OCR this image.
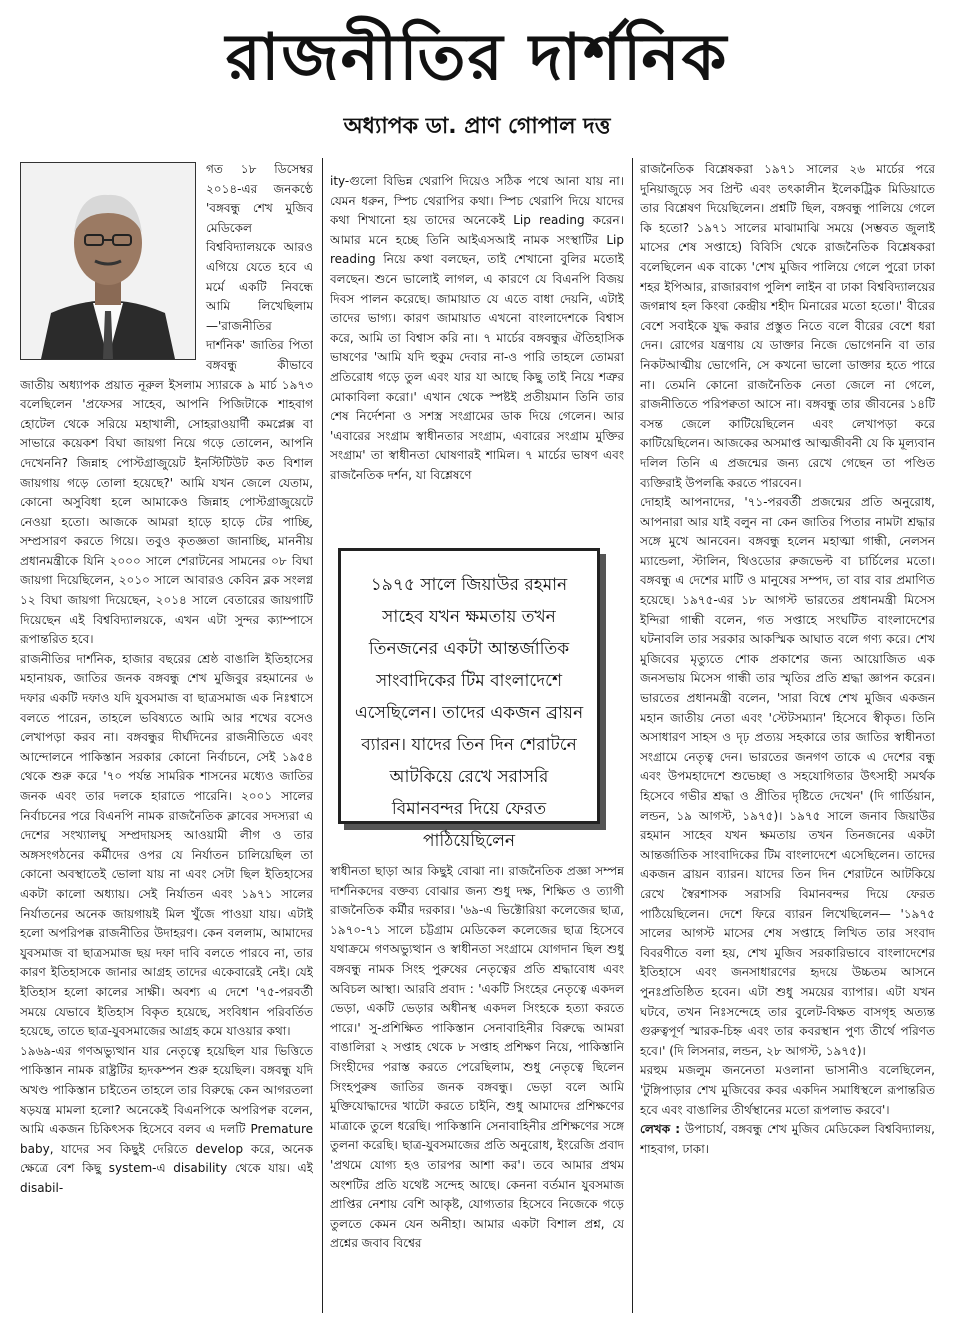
রাজনীতির দার্শনিক
অধ্যাপক ডা. প্রাণ গোপাল দত্ত

গত ১৮ ডিসেম্বর ২০১৪-এর জনকণ্ঠে 'বঙ্গবন্ধু শেখ মুজিব মেডিকেল বিশ্ববিদ্যালয়কে আরও এগিয়ে যেতে হবে এ মর্মে একটি নিবন্ধে আমি লিখেছিলাম—'রাজনীতির দার্শনিক' জাতির পিতা বঙ্গবন্ধু কীভাবে জাতীয় অধ্যাপক প্রয়াত নূরুল ইসলাম স্যারকে ৯ মার্চ ১৯৭৩ বলেছিলেন 'প্রফেসর সাহেব, আপনি পিজিটাকে শাহবাগ হোটেল থেকে সরিয়ে মহাখালী, সোহরাওয়ার্দী কমপ্লেক্স বা সাভারে কয়েকশ বিঘা জায়গা নিয়ে গড়ে তোলেন, আপনি দেখেননি? জিন্নাহ পোস্টগ্রাজুয়েট ইনস্টিটিউট কত বিশাল জায়গায় গড়ে তোলা হয়েছে?' আমি যখন জেলে যেতাম, কোনো অসুবিধা হলে আমাকেও জিন্নাহ পোস্টগ্রাজুয়েটে নেওয়া হতো। আজকে আমরা হাড়ে হাড়ে টের পাচ্ছি, সম্প্রসারণ করতে গিয়ে। তবুও কৃতজ্ঞতা জানাচ্ছি, মাননীয় প্রধানমন্ত্রীকে যিনি ২০০০ সালে শেরাটনের সামনের ০৮ বিঘা জায়গা দিয়েছিলেন, ২০১০ সালে আবারও কেবিন ব্লক সংলগ্ন ১২ বিঘা জায়গা দিয়েছেন, ২০১৪ সালে বেতারের জায়গাটি দিয়েছেন এই বিশ্ববিদ্যালয়কে, এখন এটা সুন্দর ক্যাম্পাসে রূপান্তরিত হবে।

রাজনীতির দার্শনিক, হাজার বছরের শ্রেষ্ঠ বাঙালি ইতিহাসের মহানায়ক, জাতির জনক বঙ্গবন্ধু শেখ মুজিবুর রহমানের ৬ দফার একটি দফাও যদি যুবসমাজ বা ছাত্রসমাজ এক নিঃশ্বাসে বলতে পারেন, তাহলে ভবিষ্যতে আমি আর শখের বসেও লেখাপড়া করব না। বঙ্গবন্ধুর দীর্ঘদিনের রাজনীতিতে এবং আন্দোলনে পাকিস্তান সরকার কোনো নির্বাচনে, সেই ১৯৫৪ থেকে শুরু করে '৭০ পর্যন্ত সামরিক শাসনের মধ্যেও জাতির জনক এবং তার দলকে হারাতে পারেনি। ২০০১ সালের নির্বাচনের পরে বিএনপি নামক রাজনৈতিক ক্লাবের সদস্যরা এ দেশের সংখ্যালঘু সম্প্রদায়সহ আওয়ামী লীগ ও তার অঙ্গসংগঠনের কর্মীদের ওপর যে নির্যাতন চালিয়েছিল তা কোনো অবস্থাতেই ভোলা যায় না এবং সেটা ছিল ইতিহাসের একটা কালো অধ্যায়। সেই নির্যাতন এবং ১৯৭১ সালের নির্যাতনের অনেক জায়গায়ই মিল খুঁজে পাওয়া যায়। এটাই হলো অপরিপক্ক রাজনীতির উদাহরণ। কেন বললাম, আমাদের যুবসমাজ বা ছাত্রসমাজ ছয় দফা দাবি বলতে পারবে না, তার কারণ ইতিহাসকে জানার আগ্রহ তাদের একেবারেই নেই। যেই ইতিহাস হলো কালের সাক্ষী। অবশ্য এ দেশে '৭৫-পরবর্তী সময়ে যেভাবে ইতিহাস বিকৃত হয়েছে, সংবিধান পরিবর্তিত হয়েছে, তাতে ছাত্র-যুবসমাজের আগ্রহ কমে যাওয়ার কথা।

১৯৬৯-এর গণঅভ্যুত্থান যার নেতৃত্বে হয়েছিল যার ভিত্তিতে পাকিস্তান নামক রাষ্ট্রটির হৃদকম্পন শুরু হয়েছিল। বঙ্গবন্ধু যদি অখণ্ড পাকিস্তান চাইতেন তাহলে তার বিরুদ্ধে কেন আগরতলা ষড়যন্ত্র মামলা হলো? অনেকেই বিএনপিকে অপরিপক্ব বলেন, আমি একজন চিকিৎসক হিসেবে বলব এ দলটি Premature baby, যাদের সব কিছুই দেরিতে develop করে, অনেক ক্ষেত্রে বেশ কিছু system-এ disability থেকে যায়। এই disabil-

ity-গুলো বিভিন্ন থেরাপি দিয়েও সঠিক পথে আনা যায় না। যেমন ধরুন, স্পিচ থেরাপির কথা। স্পিচ থেরাপি দিয়ে যাদের কথা শিখানো হয় তাদের অনেকেই Lip reading করেন। আমার মনে হচ্ছে তিনি আইএসআই নামক সংস্থাটির Lip reading নিয়ে কথা বলছেন, তাই শেখানো বুলির মতোই বলছেন। শুনে ভালোই লাগল, এ কারণে যে বিএনপি বিজয় দিবস পালন করেছে। জামায়াত যে এতে বাধা দেয়নি, এটাই তাদের ভাগ্য। কারণ জামায়াত এখনো বাংলাদেশকে বিশ্বাস করে, আমি তা বিশ্বাস করি না। ৭ মার্চের বঙ্গবন্ধুর ঐতিহাসিক ভাষণের 'আমি যদি হুকুম দেবার না-ও পারি তাহলে তোমরা প্রতিরোধ গড়ে তুল এবং যার যা আছে কিছু তাই নিয়ে শত্রুর মোকাবিলা করো।' এখান থেকে স্পষ্টই প্রতীয়মান তিনি তার শেষ নির্দেশনা ও সশস্ত্র সংগ্রামের ডাক দিয়ে গেলেন। আর 'এবারের সংগ্রাম স্বাধীনতার সংগ্রাম, এবারের সংগ্রাম মুক্তির সংগ্রাম' তা স্বাধীনতা ঘোষণারই শামিল। ৭ মার্চের ভাষণ এবং রাজনৈতিক দর্শন, যা বিশ্লেষণে

১৯৭৫ সালে জিয়াউর রহমান সাহেব যখন ক্ষমতায় তখন তিনজনের একটা আন্তর্জাতিক সাংবাদিকের টিম বাংলাদেশে এসেছিলেন। তাদের একজন ব্রায়ন ব্যারন। যাদের তিন দিন শেরাটনে আটকিয়ে রেখে সরাসরি বিমানবন্দর দিয়ে ফেরত পাঠিয়েছিলেন

স্বাধীনতা ছাড়া আর কিছুই বোঝা না। রাজনৈতিক প্রজ্ঞা সম্পন্ন দার্শনিকদের বক্তব্য বোঝার জন্য শুধু দক্ষ, শিক্ষিত ও ত্যাগী রাজনৈতিক কর্মীর দরকার। '৬৯-এ ভিক্টোরিয়া কলেজের ছাত্র, ১৯৭০-৭১ সালে চট্টগ্রাম মেডিকেল কলেজের ছাত্র হিসেবে যথাক্রমে গণঅভ্যুত্থান ও স্বাধীনতা সংগ্রামে যোগদান ছিল শুধু বঙ্গবন্ধু নামক সিংহ পুরুষের নেতৃত্বের প্রতি শ্রদ্ধাবোধ এবং অবিচল আস্থা। আরবি প্রবাদ : 'একটি সিংহের নেতৃত্বে একদল ভেড়া, একটি ভেড়ার অধীনস্থ একদল সিংহকে হত্যা করতে পারে।' সু-প্রশিক্ষিত পাকিস্তান সেনাবাহিনীর বিরুদ্ধে আমরা বাঙালিরা ২ সপ্তাহ থেকে ৮ সপ্তাহ প্রশিক্ষণ নিয়ে, পাকিস্তানি সিংহীদের পরাস্ত করতে পেরেছিলাম, শুধু নেতৃত্বে ছিলেন সিংহপুরুষ জাতির জনক বঙ্গবন্ধু। ভেড়া বলে আমি মুক্তিযোদ্ধাদের খাটো করতে চাইনি, শুধু আমাদের প্রশিক্ষণের মাত্রাকে তুলে ধরেছি। পাকিস্তানি সেনাবাহিনীর প্রশিক্ষণের সঙ্গে তুলনা করেছি। ছাত্র-যুবসমাজের প্রতি অনুরোধ, ইংরেজি প্রবাদ 'প্রথমে যোগ্য হও তারপর আশা কর'। তবে আমার প্রথম অংশটির প্রতি যথেষ্ট সন্দেহ আছে। কেননা বর্তমান যুবসমাজ প্রাপ্তির নেশায় বেশি আকৃষ্ট, যোগ্যতার হিসেবে নিজেকে গড়ে তুলতে কেমন যেন অনীহা। আমার একটা বিশাল প্রশ্ন, যে প্রশ্নের জবাব বিশ্বের

রাজনৈতিক বিশ্লেষকরা ১৯৭১ সালের ২৬ মার্চের পরে দুনিয়াজুড়ে সব প্রিন্ট এবং তৎকালীন ইলেকট্রিক মিডিয়াতে তার বিশ্লেষণ দিয়েছিলেন। প্রশ্নটি ছিল, বঙ্গবন্ধু পালিয়ে গেলে কি হতো? ১৯৭১ সালের মাঝামাঝি সময়ে (সম্ভবত জুলাই মাসের শেষ সপ্তাহে) বিবিসি থেকে রাজনৈতিক বিশ্লেষকরা বলেছিলেন এক বাক্যে 'শেখ মুজিব পালিয়ে গেলে পুরো ঢাকা শহর ইপিআর, রাজারবাগ পুলিশ লাইন বা ঢাকা বিশ্ববিদ্যালয়ের জগন্নাথ হল কিংবা কেন্দ্রীয় শহীদ মিনারের মতো হতো।' বীরের বেশে সবাইকে যুদ্ধ করার প্রস্তুত নিতে বলে বীরের বেশে ধরা দেন। রোগের যন্ত্রণায় যে ডাক্তার নিজে ভোগেননি বা তার নিকটআত্মীয় ভোগেনি, সে কখনো ভালো ডাক্তার হতে পারে না। তেমনি কোনো রাজনৈতিক নেতা জেলে না গেলে, রাজনীতিতে পরিপক্বতা আসে না। বঙ্গবন্ধু তার জীবনের ১৪টি বসন্ত জেলে কাটিয়েছিলেন এবং লেখাপড়া করে কাটিয়েছিলেন। আজকের অসমাপ্ত আত্মজীবনী যে কি মূল্যবান দলিল তিনি এ প্রজন্মের জন্য রেখে গেছেন তা পণ্ডিত ব্যক্তিরাই উপলব্ধি করতে পারবেন।

দোহাই আপনাদের, '৭১-পরবর্তী প্রজন্মের প্রতি অনুরোধ, আপনারা আর যাই বলুন না কেন জাতির পিতার নামটা শ্রদ্ধার সঙ্গে মুখে আনবেন। বঙ্গবন্ধু হলেন মহাত্মা গান্ধী, নেলসন ম্যান্ডেলা, স্টালিন, থিওডোর রুজভেল্ট বা চার্চিলের মতো। বঙ্গবন্ধু এ দেশের মাটি ও মানুষের সম্পদ, তা বার বার প্রমাণিত হয়েছে। ১৯৭৫-এর ১৮ আগস্ট ভারতের প্রধানমন্ত্রী মিসেস ইন্দিরা গান্ধী বলেন, গত সপ্তাহে সংঘটিত বাংলাদেশের ঘটনাবলি তার সরকার আকস্মিক আঘাত বলে গণ্য করে। শেখ মুজিবের মৃত্যুতে শোক প্রকাশের জন্য আয়োজিত এক জনসভায় মিসেস গান্ধী তার স্মৃতির প্রতি শ্রদ্ধা জ্ঞাপন করেন। ভারতের প্রধানমন্ত্রী বলেন, 'সারা বিশ্বে শেখ মুজিব একজন মহান জাতীয় নেতা এবং 'স্টেটসম্যান' হিসেবে স্বীকৃত। তিনি অসাধারণ সাহস ও দৃঢ় প্রত্যয় সহকারে তার জাতির স্বাধীনতা সংগ্রামে নেতৃত্ব দেন। ভারতের জনগণ তাকে এ দেশের বন্ধু এবং উপমহাদেশে শুভেচ্ছা ও সহযোগিতার উৎসাহী সমর্থক হিসেবে গভীর শ্রদ্ধা ও প্রীতির দৃষ্টিতে দেখেন' (দি গার্ডিয়ান, লন্ডন, ১৯ আগস্ট, ১৯৭৫)। ১৯৭৫ সালে জনাব জিয়াউর রহমান সাহেব যখন ক্ষমতায় তখন তিনজনের একটা আন্তর্জাতিক সাংবাদিকের টিম বাংলাদেশে এসেছিলেন। তাদের একজন ব্রায়ন ব্যারন। যাদের তিন দিন শেরাটনে আটকিয়ে রেখে স্বৈরশাসক সরাসরি বিমানবন্দর দিয়ে ফেরত পাঠিয়েছিলেন। দেশে ফিরে ব্যারন লিখেছিলেন— '১৯৭৫ সালের আগস্ট মাসের শেষ সপ্তাহে লিখিত তার সংবাদ বিবরণীতে বলা হয়, শেখ মুজিব সরকারিভাবে বাংলাদেশের ইতিহাসে এবং জনসাধারণের হৃদয়ে উচ্চতম আসনে পুনঃপ্রতিষ্ঠিত হবেন। এটা শুধু সময়ের ব্যাপার। এটা যখন ঘটবে, তখন নিঃসন্দেহে তার বুলেট-বিক্ষত বাসগৃহ অত্যন্ত গুরুত্বপূর্ণ স্মারক-চিহ্ন এবং তার কবরস্থান পুণ্য তীর্থে পরিণত হবে।' (দি লিসনার, লন্ডন, ২৮ আগস্ট, ১৯৭৫)।

মরহুম মজলুম জননেতা মওলানা ভাসানীও বলেছিলেন, 'টুঙ্গিপাড়ার শেখ মুজিবের কবর একদিন সমাধিস্থলে রূপান্তরিত হবে এবং বাঙালির তীর্থস্থানের মতো রূপলাভ করবে'।

লেখক : উপাচার্য, বঙ্গবন্ধু শেখ মুজিব মেডিকেল বিশ্ববিদ্যালয়, শাহবাগ, ঢাকা।
